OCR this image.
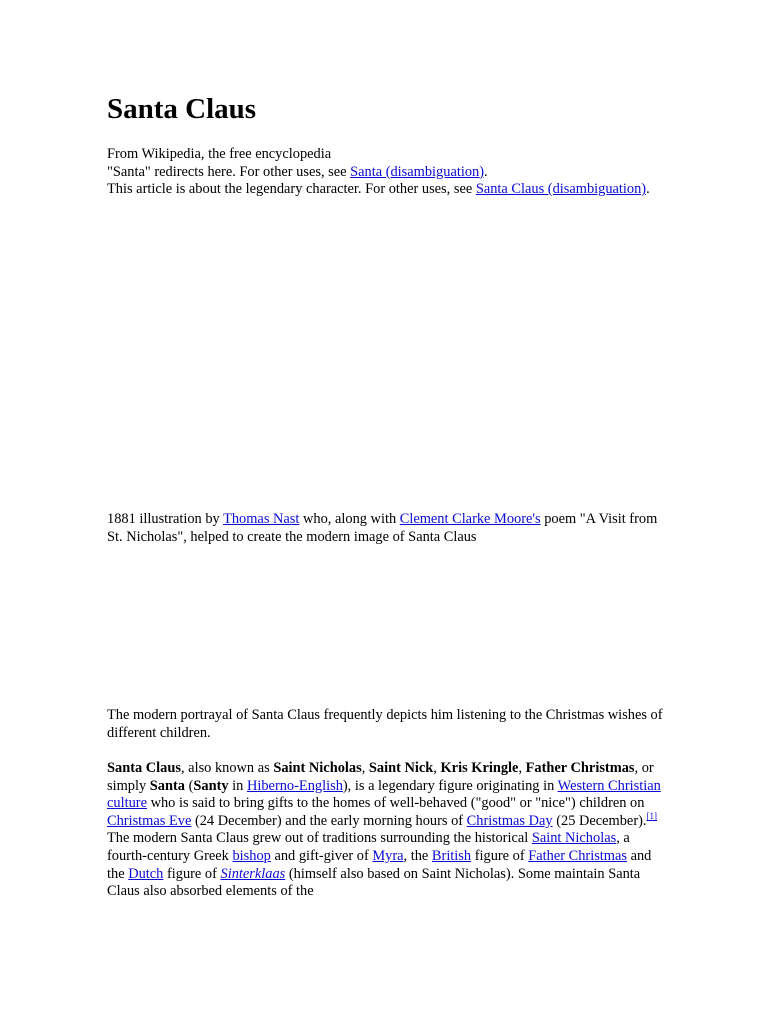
Santa Claus

From Wikipedia, the free encyclopedia
"Santa" redirects here. For other uses, see Santa (disambiguation).
This article is about the legendary character. For other uses, see Santa Claus (disambiguation).

1881 illustration by Thomas Nast who, along with Clement Clarke Moore's poem "A Visit from St. Nicholas", helped to create the modern image of Santa Claus

The modern portrayal of Santa Claus frequently depicts him listening to the Christmas wishes of different children.

Santa Claus, also known as Saint Nicholas, Saint Nick, Kris Kringle, Father Christmas, or simply Santa (Santy in Hiberno-English), is a legendary figure originating in Western Christian culture who is said to bring gifts to the homes of well-behaved ("good" or "nice") children on Christmas Eve (24 December) and the early morning hours of Christmas Day (25 December).[1] The modern Santa Claus grew out of traditions surrounding the historical Saint Nicholas, a fourth-century Greek bishop and gift-giver of Myra, the British figure of Father Christmas and the Dutch figure of Sinterklaas (himself also based on Saint Nicholas). Some maintain Santa Claus also absorbed elements of the
